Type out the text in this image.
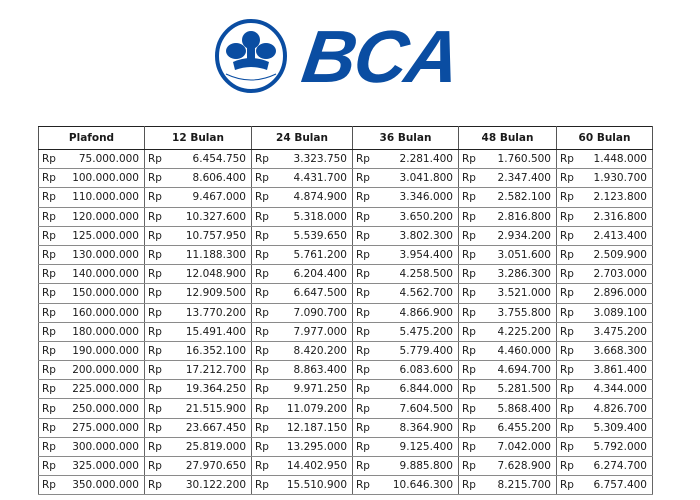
BCA
Plafond		12 Bulan		24 Bulan		36 Bulan		48 Bulan		60 Bulan	
Rp	75.000.000	Rp	6.454.750	Rp	3.323.750	Rp	2.281.400	Rp	1.760.500	Rp	1.448.000
Rp	100.000.000	Rp	8.606.400	Rp	4.431.700	Rp	3.041.800	Rp	2.347.400	Rp	1.930.700
Rp	110.000.000	Rp	9.467.000	Rp	4.874.900	Rp	3.346.000	Rp	2.582.100	Rp	2.123.800
Rp	120.000.000	Rp	10.327.600	Rp	5.318.000	Rp	3.650.200	Rp	2.816.800	Rp	2.316.800
Rp	125.000.000	Rp	10.757.950	Rp	5.539.650	Rp	3.802.300	Rp	2.934.200	Rp	2.413.400
Rp	130.000.000	Rp	11.188.300	Rp	5.761.200	Rp	3.954.400	Rp	3.051.600	Rp	2.509.900
Rp	140.000.000	Rp	12.048.900	Rp	6.204.400	Rp	4.258.500	Rp	3.286.300	Rp	2.703.000
Rp	150.000.000	Rp	12.909.500	Rp	6.647.500	Rp	4.562.700	Rp	3.521.000	Rp	2.896.000
Rp	160.000.000	Rp	13.770.200	Rp	7.090.700	Rp	4.866.900	Rp	3.755.800	Rp	3.089.100
Rp	180.000.000	Rp	15.491.400	Rp	7.977.000	Rp	5.475.200	Rp	4.225.200	Rp	3.475.200
Rp	190.000.000	Rp	16.352.100	Rp	8.420.200	Rp	5.779.400	Rp	4.460.000	Rp	3.668.300
Rp	200.000.000	Rp	17.212.700	Rp	8.863.400	Rp	6.083.600	Rp	4.694.700	Rp	3.861.400
Rp	225.000.000	Rp	19.364.250	Rp	9.971.250	Rp	6.844.000	Rp	5.281.500	Rp	4.344.000
Rp	250.000.000	Rp	21.515.900	Rp	11.079.200	Rp	7.604.500	Rp	5.868.400	Rp	4.826.700
Rp	275.000.000	Rp	23.667.450	Rp	12.187.150	Rp	8.364.900	Rp	6.455.200	Rp	5.309.400
Rp	300.000.000	Rp	25.819.000	Rp	13.295.000	Rp	9.125.400	Rp	7.042.000	Rp	5.792.000
Rp	325.000.000	Rp	27.970.650	Rp	14.402.950	Rp	9.885.800	Rp	7.628.900	Rp	6.274.700
Rp	350.000.000	Rp	30.122.200	Rp	15.510.900	Rp	10.646.300	Rp	8.215.700	Rp	6.757.400
